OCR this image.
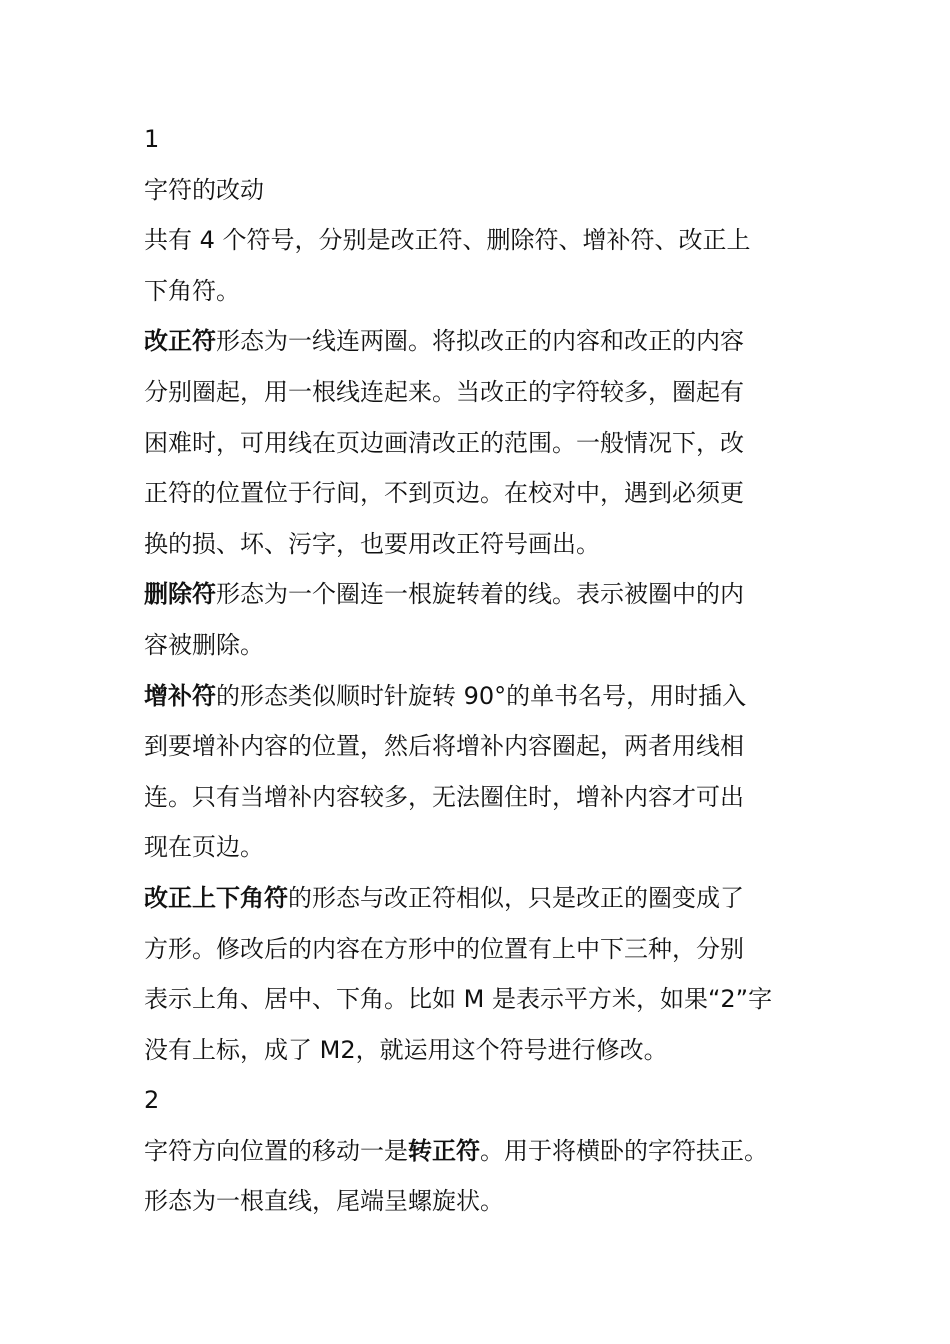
1

字符的改动

共有 4 个符号，分别是改正符、删除符、增补符、改正上

下角符。

改正符形态为一线连两圈。将拟改正的内容和改正的内容

分别圈起，用一根线连起来。当改正的字符较多，圈起有

困难时，可用线在页边画清改正的范围。一般情况下，改

正符的位置位于行间，不到页边。在校对中，遇到必须更

换的损、坏、污字，也要用改正符号画出。

删除符形态为一个圈连一根旋转着的线。表示被圈中的内

容被删除。

增补符的形态类似顺时针旋转 90°的单书名号，用时插入

到要增补内容的位置，然后将增补内容圈起，两者用线相

连。只有当增补内容较多，无法圈住时，增补内容才可出

现在页边。

改正上下角符的形态与改正符相似，只是改正的圈变成了

方形。修改后的内容在方形中的位置有上中下三种，分别

表示上角、居中、下角。比如 M 是表示平方米，如果“2”字

没有上标，成了 M2，就运用这个符号进行修改。

2

字符方向位置的移动一是转正符。用于将横卧的字符扶正。

形态为一根直线，尾端呈螺旋状。
